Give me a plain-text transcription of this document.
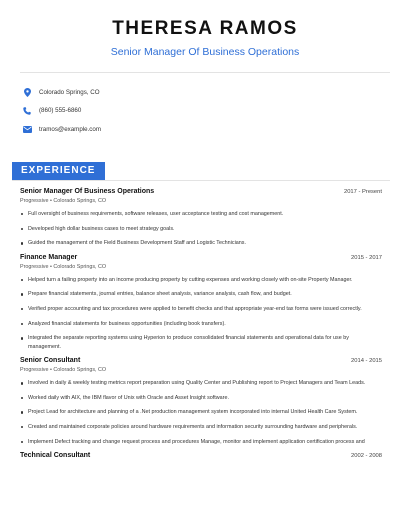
THERESA RAMOS
Senior Manager Of Business Operations
Colorado Springs, CO
(860) 555-6860
tramos@example.com
EXPERIENCE
Senior Manager Of Business Operations	2017 - Present
Progressive • Colorado Springs, CO
Full oversight of business requirements, software releases, user acceptance testing and cost management.
Developed high dollar business cases to meet strategy goals.
Guided the management of the Field Business Development Staff and Logistic Technicians.
Finance Manager	2015 - 2017
Progressive • Colorado Springs, CO
Helped turn a failing property into an income producing property by cutting expenses and working closely with on-site Property Manager.
Prepare financial statements, journal entries, balance sheet analysis, variance analysis, cash flow, and budget.
Verified proper accounting and tax procedures were applied to benefit checks and that appropriate year-end tax forms were issued correctly.
Analyzed financial statements for business opportunities (including book transfers).
Integrated the separate reporting systems using Hyperion to produce consolidated financial statements and operational data for use by management.
Senior Consultant	2014 - 2015
Progressive • Colorado Springs, CO
Involved in daily & weekly testing metrics report preparation using Quality Center and Publishing report to Project Managers and Team Leads.
Worked daily with AIX, the IBM flavor of Unix with Oracle and Asset Insight software.
Project Lead for architecture and planning of a .Net production management system incorporated into internal United Health Care System.
Created and maintained corporate policies around hardware requirements and information security surrounding hardware and peripherals.
Implement Defect tracking and change request process and procedures Manage, monitor and implement application certification process and
Technical Consultant	2002 - 2008
